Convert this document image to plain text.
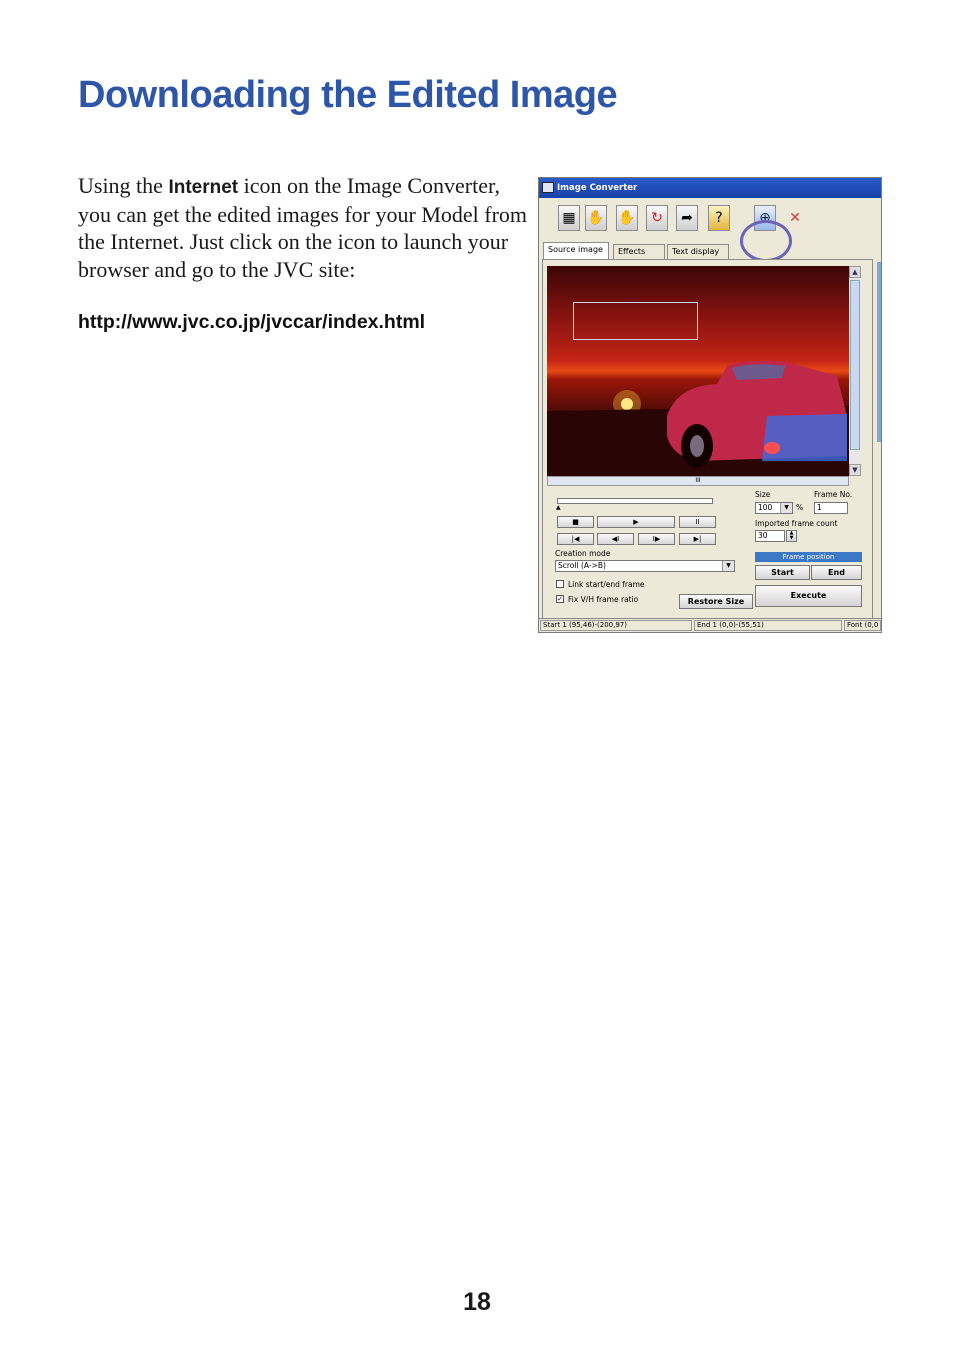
Downloading the Edited Image
Using the Internet icon on the Image Converter, you can get the edited images for your Model from the Internet. Just click on the icon to launch your browser and go to the JVC site:
http://www.jvc.co.jp/jvccar/index.html
Image Converter
▦ ✋ ✋	↻	➦	?	⊕	✕
Source image	Effects	Text display
▲
▼
III
▲
■	▶	II
|◀	◀I	I▶	▶|
Creation mode
Scroll (A->B)	▼
Link start/end frame
✓ Fix V/H frame ratio	Restore Size
Size
100	▼ %
Frame No.
1
Imported frame count
30	▲
▼
Frame position
Start	End
Execute
Start 1 (95,46)-(200,97)	End 1 (0,0)-(55,51)	Font (0,0
18
